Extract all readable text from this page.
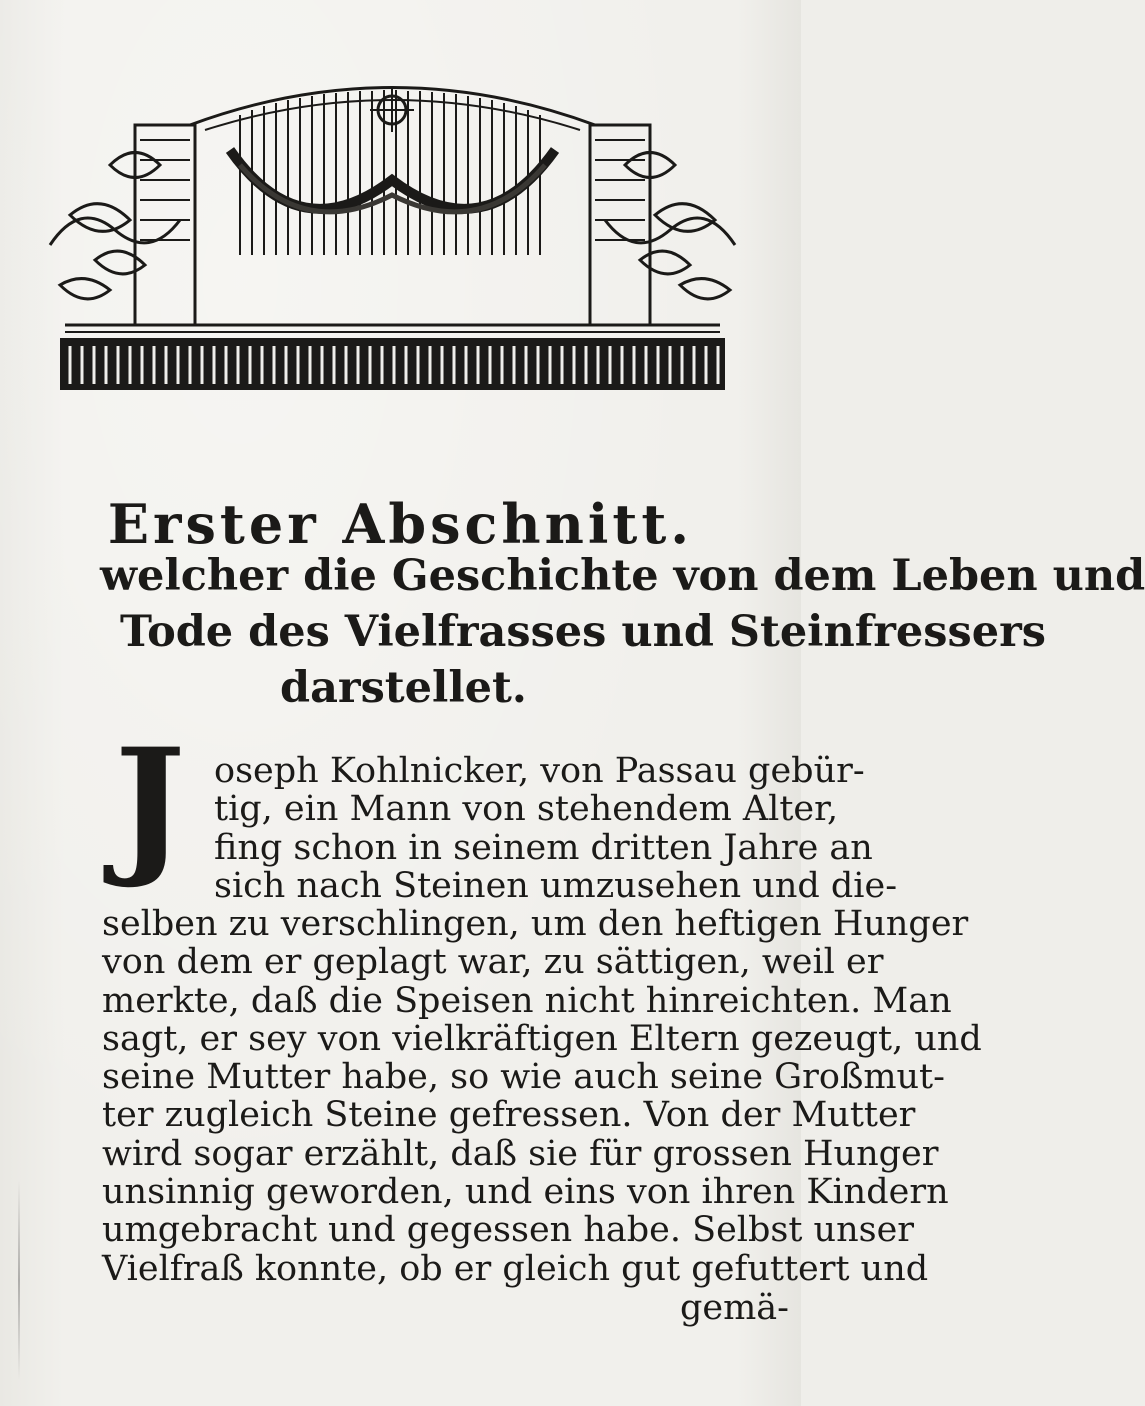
Erster Abschnitt.
welcher die Geschichte von dem Leben und
Tode des Vielfrasses und Steinfressers
darstellet.
J oseph Kohlnicker, von Passau gebür-
tig, ein Mann von stehendem Alter,
fing schon in seinem dritten Jahre an
sich nach Steinen umzusehen und die-
selben zu verschlingen, um den heftigen Hunger
von dem er geplagt war, zu sättigen, weil er
merkte, daß die Speisen nicht hinreichten. Man
sagt, er sey von vielkräftigen Eltern gezeugt, und
seine Mutter habe, so wie auch seine Großmut-
ter zugleich Steine gefressen. Von der Mutter
wird sogar erzählt, daß sie für grossen Hunger
unsinnig geworden, und eins von ihren Kindern
umgebracht und gegessen habe. Selbst unser
Vielfraß konnte, ob er gleich gut gefuttert und
gemä-
